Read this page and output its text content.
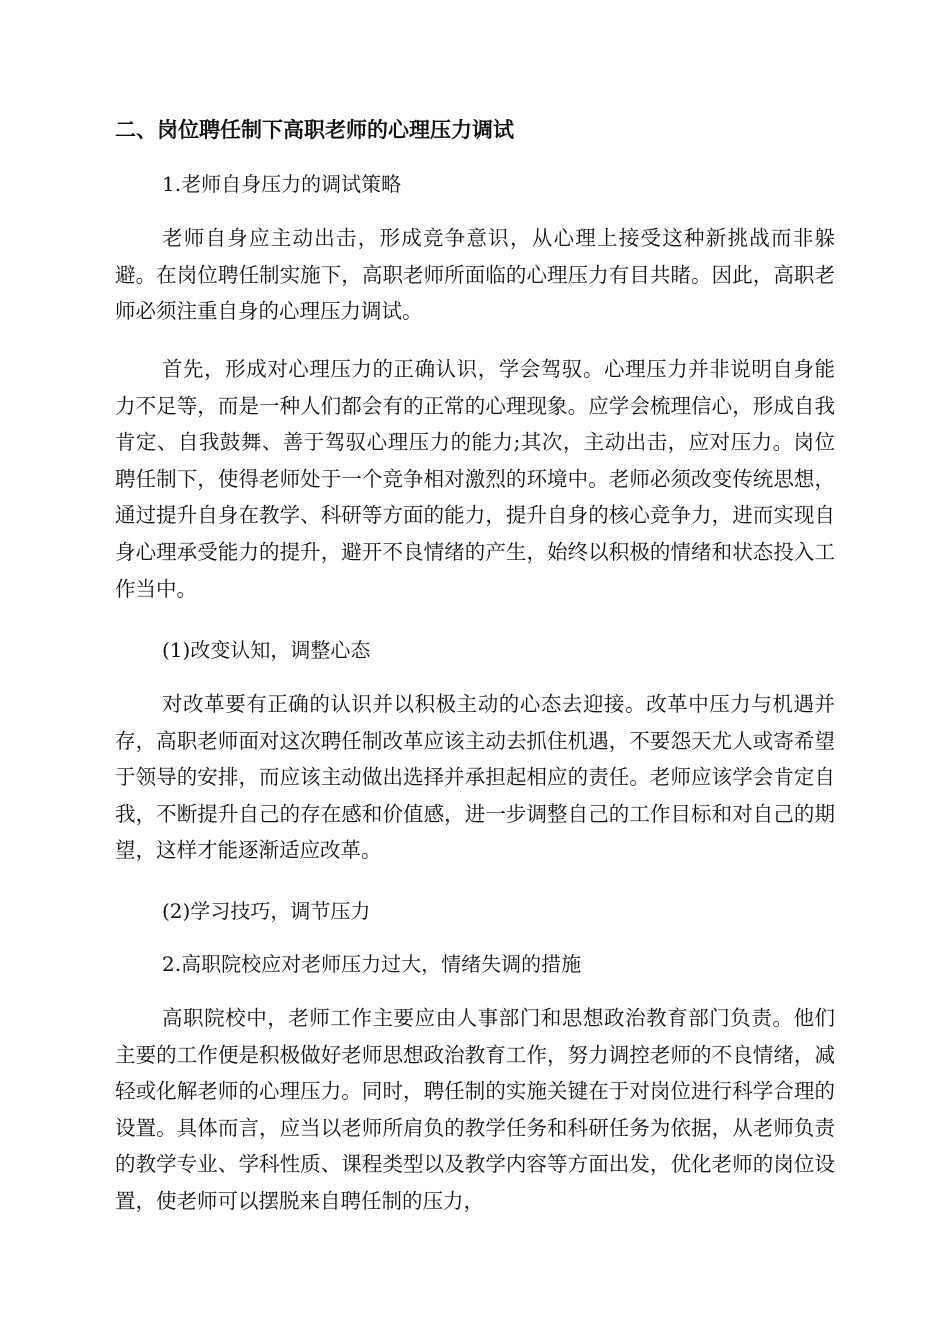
二、岗位聘任制下高职老师的心理压力调试
1.老师自身压力的调试策略

老师自身应主动出击，形成竞争意识，从心理上接受这种新挑战而非躲避。在岗位聘任制实施下，高职老师所面临的心理压力有目共睹。因此，高职老师必须注重自身的心理压力调试。

首先，形成对心理压力的正确认识，学会驾驭。心理压力并非说明自身能力不足等，而是一种人们都会有的正常的心理现象。应学会梳理信心，形成自我肯定、自我鼓舞、善于驾驭心理压力的能力;其次，主动出击，应对压力。岗位聘任制下，使得老师处于一个竞争相对激烈的环境中。老师必须改变传统思想，通过提升自身在教学、科研等方面的能力，提升自身的核心竞争力，进而实现自身心理承受能力的提升，避开不良情绪的产生，始终以积极的情绪和状态投入工作当中。

(1)改变认知，调整心态

对改革要有正确的认识并以积极主动的心态去迎接。改革中压力与机遇并存，高职老师面对这次聘任制改革应该主动去抓住机遇，不要怨天尤人或寄希望于领导的安排，而应该主动做出选择并承担起相应的责任。老师应该学会肯定自我，不断提升自己的存在感和价值感，进一步调整自己的工作目标和对自己的期望，这样才能逐渐适应改革。

(2)学习技巧，调节压力
2.高职院校应对老师压力过大，情绪失调的措施

高职院校中，老师工作主要应由人事部门和思想政治教育部门负责。他们主要的工作便是积极做好老师思想政治教育工作，努力调控老师的不良情绪，减轻或化解老师的心理压力。同时，聘任制的实施关键在于对岗位进行科学合理的设置。具体而言，应当以老师所肩负的教学任务和科研任务为依据，从老师负责的教学专业、学科性质、课程类型以及教学内容等方面出发，优化老师的岗位设置，使老师可以摆脱来自聘任制的压力，
